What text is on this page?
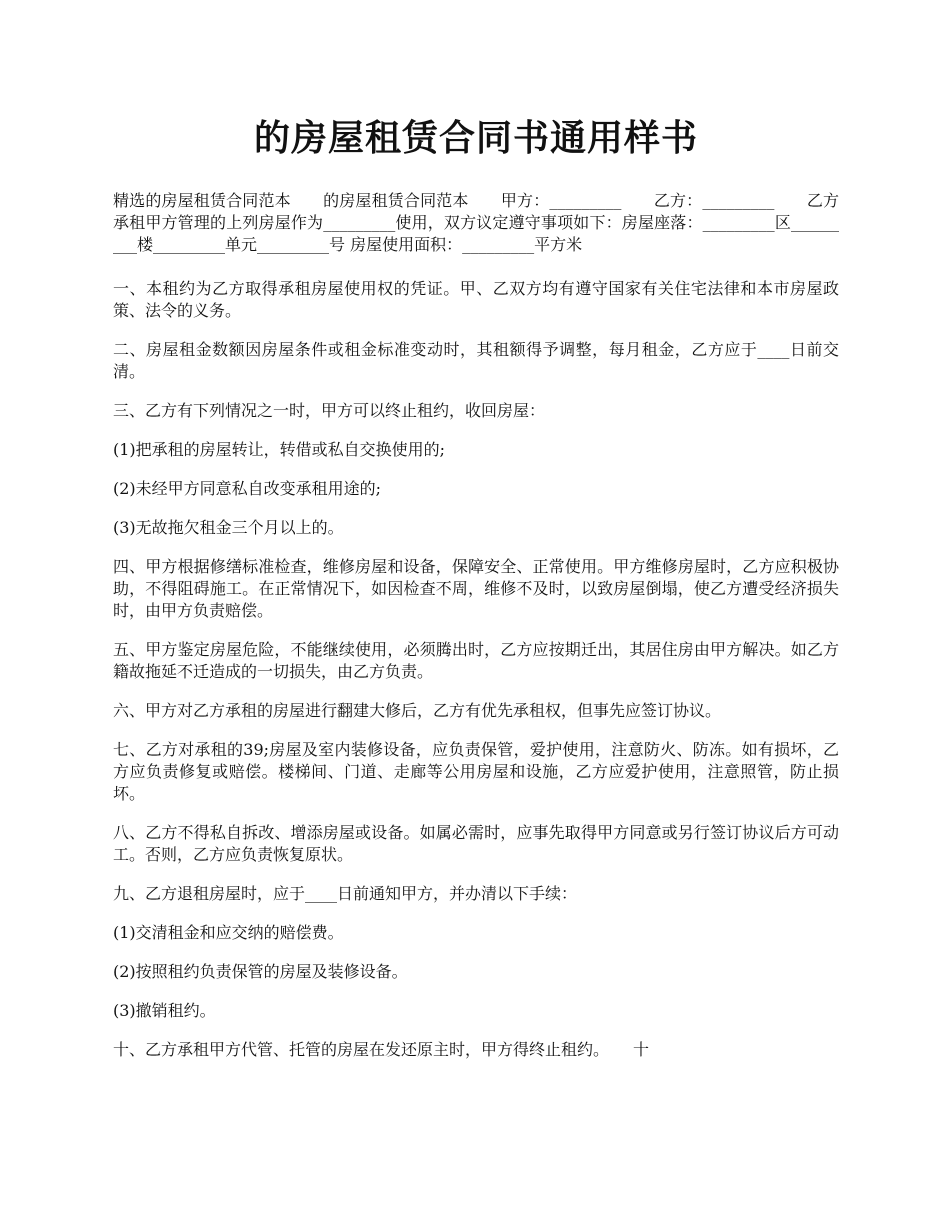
的房屋租赁合同书通用样书

精选的房屋租赁合同范本　　的房屋租赁合同范本　　甲方：_________　　乙方：_________　　乙方承租甲方管理的上列房屋作为_________使用，双方议定遵守事项如下：房屋座落：_________区_________楼_________单元_________号 房屋使用面积：_________平方米

一、本租约为乙方取得承租房屋使用权的凭证。甲、乙双方均有遵守国家有关住宅法律和本市房屋政策、法令的义务。

二、房屋租金数额因房屋条件或租金标准变动时，其租额得予调整，每月租金，乙方应于____日前交清。

三、乙方有下列情况之一时，甲方可以终止租约，收回房屋：

(1)把承租的房屋转让，转借或私自交换使用的;

(2)未经甲方同意私自改变承租用途的;

(3)无故拖欠租金三个月以上的。

四、甲方根据修缮标准检查，维修房屋和设备，保障安全、正常使用。甲方维修房屋时，乙方应积极协助，不得阻碍施工。在正常情况下，如因检查不周，维修不及时，以致房屋倒塌，使乙方遭受经济损失时，由甲方负责赔偿。

五、甲方鉴定房屋危险，不能继续使用，必须腾出时，乙方应按期迁出，其居住房由甲方解决。如乙方籍故拖延不迁造成的一切损失，由乙方负责。

六、甲方对乙方承租的房屋进行翻建大修后，乙方有优先承租权，但事先应签订协议。

七、乙方对承租的39;房屋及室内装修设备，应负责保管，爱护使用，注意防火、防冻。如有损坏，乙方应负责修复或赔偿。楼梯间、门道、走廊等公用房屋和设施，乙方应爱护使用，注意照管，防止损坏。

八、乙方不得私自拆改、增添房屋或设备。如属必需时，应事先取得甲方同意或另行签订协议后方可动工。否则，乙方应负责恢复原状。

九、乙方退租房屋时，应于____日前通知甲方，并办清以下手续：

(1)交清租金和应交纳的赔偿费。

(2)按照租约负责保管的房屋及装修设备。

(3)撤销租约。

十、乙方承租甲方代管、托管的房屋在发还原主时，甲方得终止租约。　　十
